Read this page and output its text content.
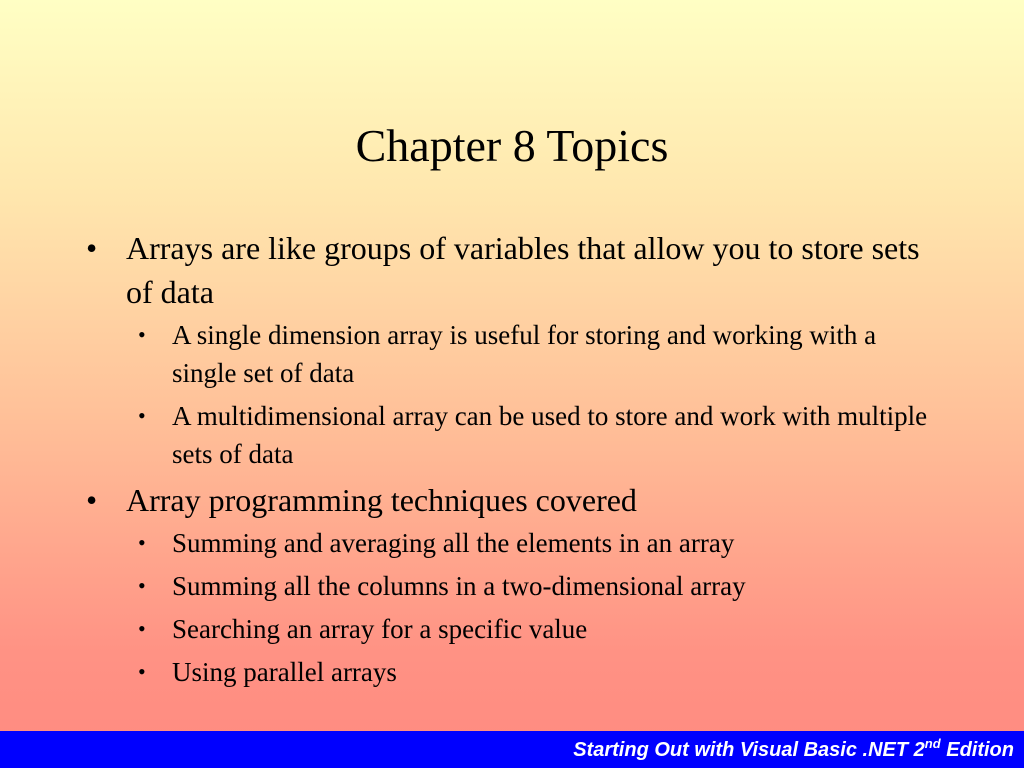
Chapter 8 Topics
• Arrays are like groups of variables that allow you to store sets of data
• A single dimension array is useful for storing and working with a single set of data
• A multidimensional array can be used to store and work with multiple sets of data
• Array programming techniques covered
• Summing and averaging all the elements in an array
• Summing all the columns in a two-dimensional array
• Searching an array for a specific value
• Using parallel arrays
Starting Out with Visual Basic .NET 2nd Edition
